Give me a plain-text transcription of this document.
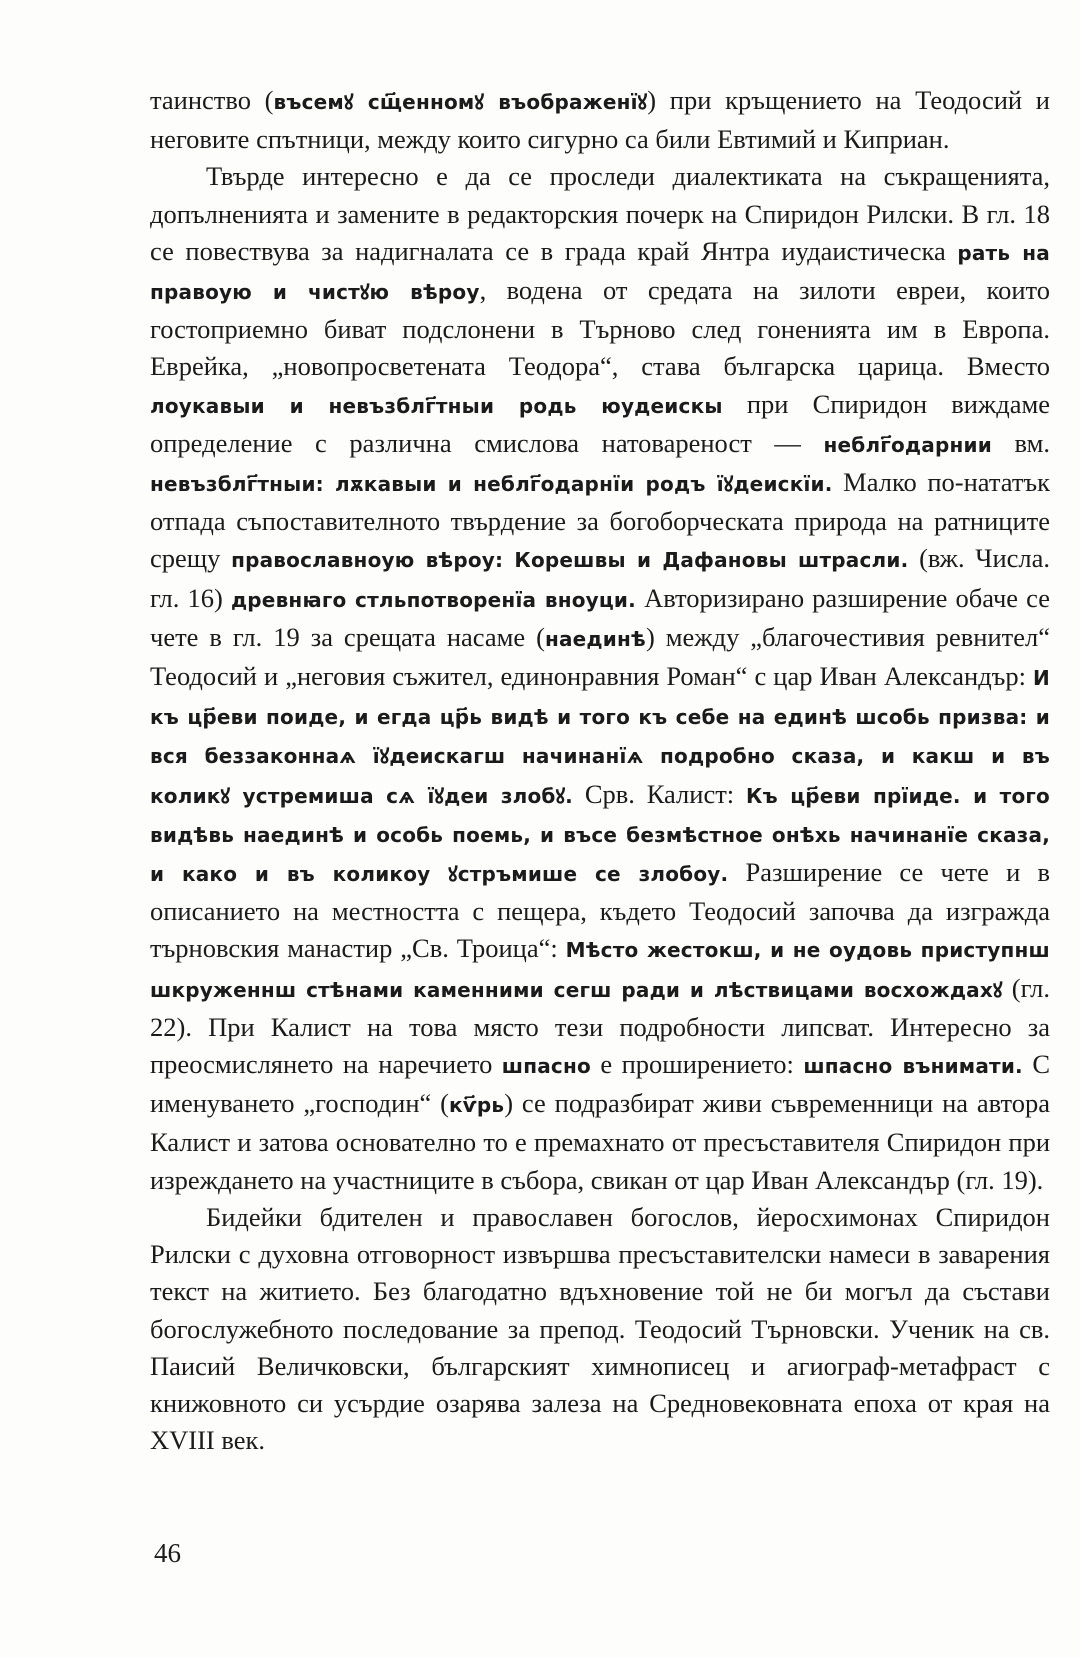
таинство (въсемꙋ сщ҃енномꙋ въображенїꙋ) при кръщението на Теодосий и неговите спътници, между които сигурно са били Евтимий и Киприан.

Твърде интересно е да се проследи диалектиката на съкращенията, допълненията и замените в редакторския почерк на Спиридон Рилски. В гл. 18 се повествува за надигналата се в града край Янтра иудаистическа рать на правоую и чистꙋю вѣроу, водена от средата на зилоти евреи, които гостоприемно биват подслонени в Търново след гоненията им в Европа. Еврейка, „новопросветената Теодора“, става българска царица. Вместо лоукавыи и невъзблг҃тныи родь юудеискы при Спиридон виждаме определение с различна смислова натовареност — неблг҃одарнии вм. невъзблг҃тныи: лѫкавыи и неблг҃одарнїи родъ їꙋдеискїи. Малко по-нататък отпада съпоставителното твърдение за богоборческата природа на ратниците срещу православноую вѣроу: Корешвы и Дафановы штрасли. (вж. Числа. гл. 16) древнꙗго стльпотворенїа вноуци. Авторизирано разширение обаче се чете в гл. 19 за срещата насаме (наединѣ) между „благочестивия ревнител“ Теодосий и „неговия съжител, единонравния Роман“ с цар Иван Александър: И къ цр҃еви поиде, и егда цр҃ь видѣ и того къ себе на единѣ шсобь призва: и вся беззаконнаѧ їꙋдеискагш начинанїѧ подробно сказа, и какш и въ коликꙋ устремиша сѧ їꙋдеи злобꙋ. Срв. Калист: Къ цр҃еви прїиде. и того видѣвь наединѣ и особь поемь, и въсе безмѣстное онѣхь начинанїе сказа, и како и въ коликоу ꙋстръмише се злобоу. Разширение се чете и в описанието на местността с пещера, където Теодосий започва да изгражда търновския манастир „Св. Троица“: Мѣсто жестокш, и не оудовь приступнш шкруженнш стѣнами каменними сегш ради и лѣствицами восхождахꙋ (гл. 22). При Калист на това място тези подробности липсват. Интересно за преосмислянето на наречието шпасно е проширението: шпасно вънимати. С именуването „господин“ (кѵ҃рь) се подразбират живи съвременници на автора Калист и затова основателно то е премахнато от пресъставителя Спиридон при изреждането на участниците в събора, свикан от цар Иван Александър (гл. 19).

Бидейки бдителен и православен богослов, йеросхимонах Спиридон Рилски с духовна отговорност извършва пресъставителски намеси в заварения текст на житието. Без благодатно вдъхновение той не би могъл да състави богослужебното последование за препод. Теодосий Търновски. Ученик на св. Паисий Величковски, българският химнописец и агиограф-метафраст с книжовното си усърдие озарява залеза на Средновековната епоха от края на XVIII век.

46
